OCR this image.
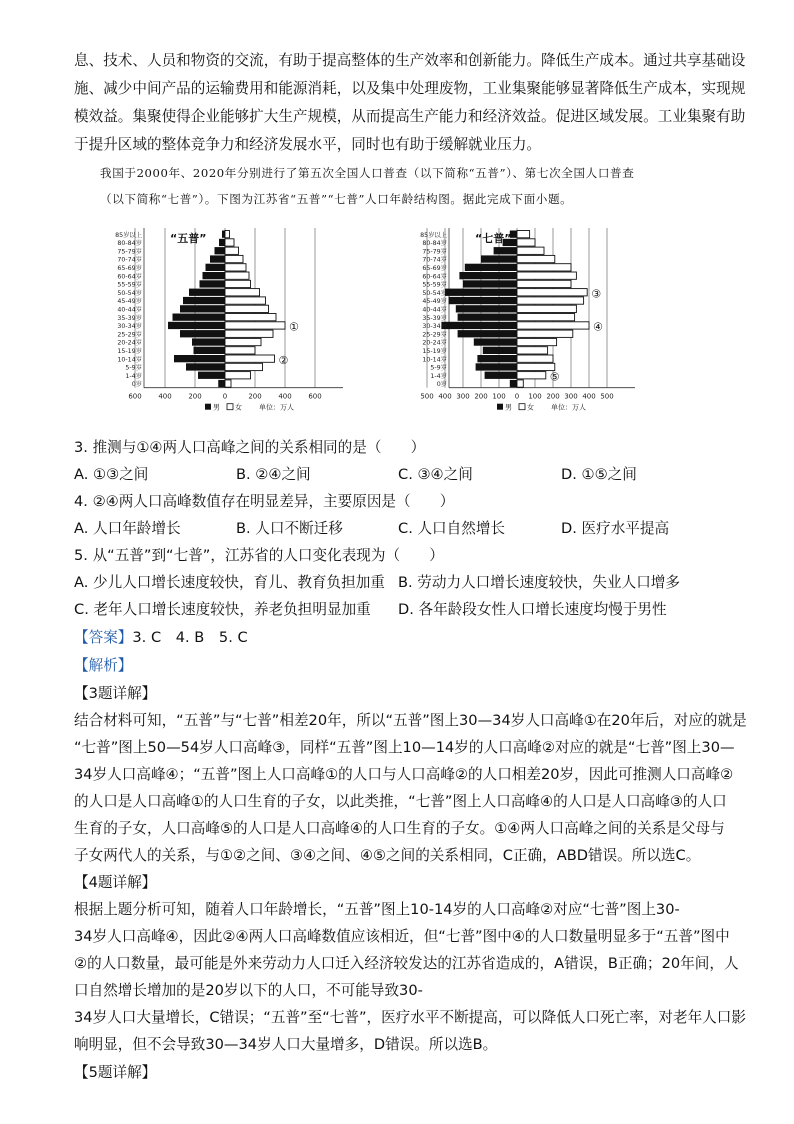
息、技术、人员和物资的交流，有助于提高整体的生产效率和创新能力。降低生产成本。通过共享基础设
施、减少中间产品的运输费用和能源消耗，以及集中处理废物，工业集聚能够显著降低生产成本，实现规
模效益。集聚使得企业能够扩大生产规模，从而提高生产能力和经济效益。促进区域发展。工业集聚有助
于提升区域的整体竞争力和经济发展水平，同时也有助于缓解就业压力。
我国于2000年、2020年分别进行了第五次全国人口普查（以下简称“五普”）、第七次全国人口普查
（以下简称“七普”）。下图为江苏省“五普”“七普”人口年龄结构图。据此完成下面小题。
600 400 200	0	200 400 600
0岁
1-4岁
5-9岁
10-14岁
15-19岁
20-24岁
25-29岁
30-34岁
35-39岁
40-44岁
45-49岁
50-54岁
55-59岁
60-64岁
65-69岁
70-74岁
75-79岁
80-84岁
85岁以上	“五普”
①
②
男 女 单位：万人
500 400 300 200 100 0 100 200 300 400 500
0岁
1-4岁
5-9岁
10-14岁
15-19岁
20-24岁
25-29岁
30-34岁
35-39岁
40-44岁
45-49岁
50-54岁
55-59岁
60-64岁
65-69岁
70-74岁
75-79岁
80-84岁
85岁以上	“七普”
③
④
⑤
男 女 单位：万人
3. 推测与①④两人口高峰之间的关系相同的是（　　）
A. ①③之间	B. ②④之间	C. ③④之间	D. ①⑤之间
4. ②④两人口高峰数值存在明显差异，主要原因是（　　）
A. 人口年龄增长	B. 人口不断迁移	C. 人口自然增长	D. 医疗水平提高
5. 从“五普”到“七普”，江苏省的人口变化表现为（　　）
A. 少儿人口增长速度较快，育儿、教育负担加重 B. 劳动力人口增长速度较快，失业人口增多
C. 老年人口增长速度较快，养老负担明显加重 D. 各年龄段女性人口增长速度均慢于男性
【答案】3. C　4. B　5. C
【解析】
【3题详解】
结合材料可知，“五普”与“七普”相差20年，所以“五普”图上30—34岁人口高峰①在20年后，对应的就是
“七普”图上50—54岁人口高峰③，同样“五普”图上10—14岁的人口高峰②对应的就是“七普”图上30—
34岁人口高峰④；“五普”图上人口高峰①的人口与人口高峰②的人口相差20岁，因此可推测人口高峰②
的人口是人口高峰①的人口生育的子女，以此类推，“七普”图上人口高峰④的人口是人口高峰③的人口
生育的子女，人口高峰⑤的人口是人口高峰④的人口生育的子女。①④两人口高峰之间的关系是父母与
子女两代人的关系，与①②之间、③④之间、④⑤之间的关系相同，C正确，ABD错误。所以选C。
【4题详解】
根据上题分析可知，随着人口年龄增长，“五普”图上10-14岁的人口高峰②对应“七普”图上30-
34岁人口高峰④，因此②④两人口高峰数值应该相近，但“七普”图中④的人口数量明显多于“五普”图中
②的人口数量，最可能是外来劳动力人口迁入经济较发达的江苏省造成的，A错误，B正确；20年间，人
口自然增长增加的是20岁以下的人口，不可能导致30-
34岁人口大量增长，C错误；“五普”至“七普”，医疗水平不断提高，可以降低人口死亡率，对老年人口影
响明显，但不会导致30—34岁人口大量增多，D错误。所以选B。
【5题详解】
